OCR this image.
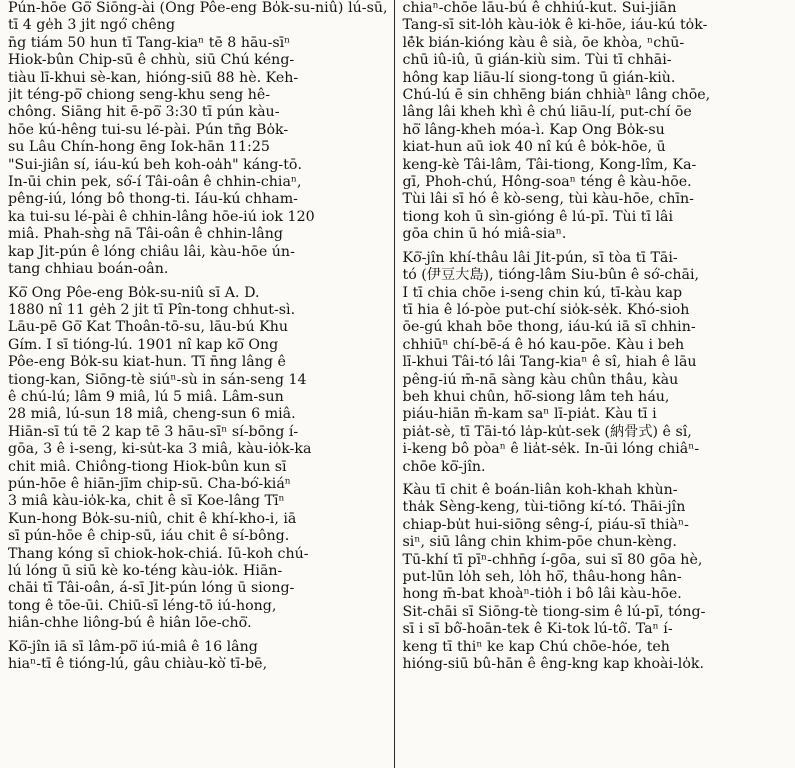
Pún-hōe Gō͘ Siōng-ài (Ong Pôe-eng Bo̍k-su-niû) lú-sū, tī 4 ge̍h 3 ji̍t ngó͘ chêng
n̄g tiám 50 hun tī Tang-kiaⁿ tē 8 hāu-sīⁿ
Hiok-bûn Chip-sū ê chhù, siū Chú kéng-
tiàu lī-khui sè-kan, hióng-siū 88 hè. Keh-
ji̍t téng-pō͘ chiong seng-khu seng hê-
chông. Siāng hit ē-pō͘ 3:30 tī pún kàu-
hōe kú-hêng tui-su lé-pài. Pún tn̄g Bo̍k-
su Lâu Chín-hong ēng Iok-hān 11:25
"Sui-jiân sí, iáu-kú beh koh-oa̍h" káng-tō.
In-ūi chin pek, só͘-í Tâi-oân ê chhin-chiaⁿ,
pêng-iú, lóng bô thong-ti. Iáu-kú chham-
ka tui-su lé-pài ê chhin-lâng hōe-iú iok 120
miâ. Phah-sǹg nā Tâi-oân ê chhin-lâng
kap Ji̍t-pún ê lóng chiâu lâi, kàu-hōe ún-
tang chhiau boán-oân.

Kō͘ Ong Pôe-eng Bo̍k-su-niû sī A. D.
1880 nî 11 ge̍h 2 ji̍t tī Pîn-tong chhut-sì.
Lāu-pē Gō͘ Kat Thoân-tō-su, lāu-bú Khu
Gím. I sī tióng-lú. 1901 nî kap kō͘ Ong
Pôe-eng Bo̍k-su kiat-hun. Tī n̄ng lâng ê
tiong-kan, Siōng-tè siúⁿ-sù in sán-seng 14
ê chú-lú; lâm 9 miâ, lú 5 miâ. Lâm-sun
28 miâ, lú-sun 18 miâ, cheng-sun 6 miâ.
Hiān-sī tú tē 2 kap tē 3 hāu-sīⁿ sí-bōng í-
gōa, 3 ê i-seng, ki-su̍t-ka 3 miâ, kàu-io̍k-ka
chit miâ. Chiông-tiong Hiok-bûn kun sī
pún-hōe ê hiān-jīm chip-sū. Cha-bó͘-kiáⁿ
3 miâ kàu-io̍k-ka, chit ê sī Koe-lâng Tīⁿ
Kun-hong Bo̍k-su-niû, chit ê khí-kho-i, iā
sī pún-hōe ê chip-sū, iáu chit ê sí-bông.
Thang kóng sī chiok-hok-chiá. Iū-koh chú-
lú lóng ū siū kè ko-téng kàu-io̍k. Hiān-
chāi tī Tâi-oân, á-sī Ji̍t-pún lóng ū siong-
tong ê tōe-ūi. Chiū-sī léng-tō iú-hong,
hiân-chhe liông-bú ê hiân lōe-chō͘.

Kō͘-jîn iā sī lâm-pō͘ iú-miâ ê 16 lâng
hiaⁿ-tī ê tióng-lú, gâu chiàu-kò͘ tī-bē,

chiaⁿ-chōe lāu-bú ê chhiú-kut. Sui-jiān
Tang-sī sit-lo̍h kàu-io̍k ê ki-hōe, iáu-kú to̍k-
lē̍k bián-kióng kàu ê sià, ōe khòa, ⁿchū-
chū iû-iû, ū gián-kiù sim. Tùi tī chhāi-
hông kap liāu-lí siong-tong ū gián-kiù.
Chú-lú ē sin chhēng bián chhiàⁿ lâng chōe,
lâng lâi kheh khì ê chú liāu-lí, put-chí ōe
hō͘ lâng-kheh móa-ì. Kap Ong Bo̍k-su
kiat-hun aū iok 40 nî kú ê bo̍k-hōe, ū
keng-kè Tâi-lâm, Tâi-tiong, Kong-lîm, Ka-
gī, Phoh-chú, Hông-soaⁿ téng ê kàu-hōe.
Tùi lâi sī hó ê kò-seng, tùi kàu-hōe, chīn-
tiong koh ū sìn-gióng ê lú-pī. Tùi tī lâi
gōa chin ū hó miâ-siaⁿ.

Kō͘-jîn khí-thâu lâi Ji̍t-pún, sī tòa tī Tāi-
tó (伊豆大島), tióng-lâm Siu-bûn ê só͘-chāi,
I tī chia chōe i-seng chin kú, tī-kàu kap
tī hia ê ló-pòe put-chí sio̍k-se̍k. Khó-sioh
ōe-gú khah bōe thong, iáu-kú iā sī chhin-
chhiūⁿ chí-bē-á ê hó kau-pōe. Kàu i beh
lī-khui Tâi-tó lâi Tang-kiaⁿ ê sî, hiah ê lāu
pêng-iú m̄-nā sàng kàu chûn thâu, kàu
beh khui chûn, hō͘-siong lâm teh háu,
piáu-hiān m̄-kam saⁿ lī-pia̍t. Kàu tī i
pia̍t-sè, tī Tāi-tó la̍p-ku̍t-sek (納骨式) ê sî,
i-keng bô pòaⁿ ê lia̍t-se̍k. In-ūi lóng chiâⁿ-
chōe kō͘-jîn.

Kàu tī chit ê boán-liân koh-khah khùn-
tha̍k Sèng-keng, tùi-tiōng kí-tó. Thāi-jîn
chiap-bu̍t hui-siōng sêng-í, piáu-sī thiàⁿ-
siⁿ, siū lâng chin khim-pōe chun-kèng.
Tū-khí tī pīⁿ-chhn̄g í-gōa, sui sī 80 gōa hè,
put-lūn lo̍h seh, lo̍h hō͘, thâu-hong hân-
hong m̄-bat khoàⁿ-tio̍h i bô lâi kàu-hōe.
Sit-chāi sī Siōng-tè tiong-sim ê lú-pī, tóng-
sī i sī bô͘-hoān-tek ê Ki-tok lú-tô͘. Taⁿ í-
keng tī thiⁿ ke kap Chú chōe-hóe, teh
hióng-siū bû-hān ê êng-kng kap khoài-lo̍k.
